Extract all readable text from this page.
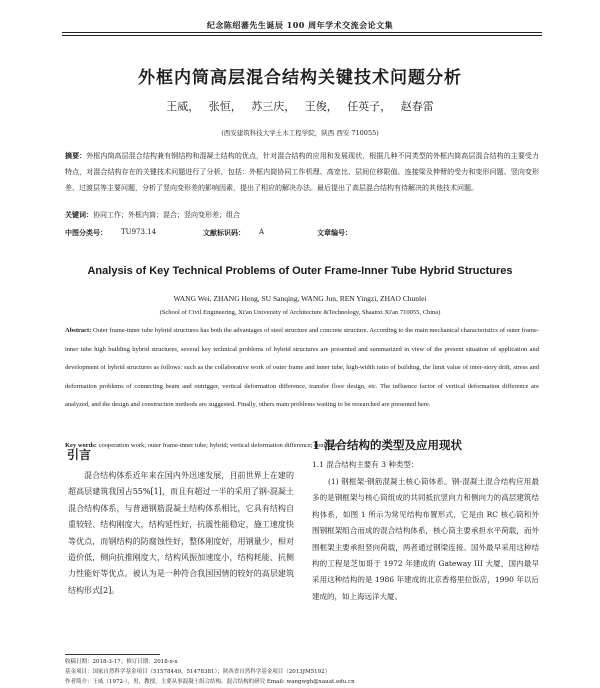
纪念陈绍蕃先生诞辰 100 周年学术交流会论文集
外框内筒高层混合结构关键技术问题分析
王威， 张恒， 苏三庆， 王俊， 任英子， 赵春雷
(西安建筑科技大学土木工程学院，陕西 西安 710055)
摘要：外框内筒高层混合结构兼有钢结构和混凝土结构的优点，针对混合结构的应用和发展现状，根据几种不同类型的外框内筒高层混合结构的主要受力特点，对混合结构存在的关键技术问题进行了分析，包括：外框内筒协同工作机理、高宽比、层间位移限值、连接梁及伸臂的受力和变形问题、竖向变形差、过渡层等主要问题，分析了竖向变形差的影响因素，提出了相应的解决办法。最后提出了高层混合结构有待解决的其他技术问题。
关键词：协同工作；外框内筒；混合；竖向变形差；组合
中图分类号： TU973.14	文献标识码： A	文章编号：
Analysis of Key Technical Problems of Outer Frame-Inner Tube Hybrid Structures
WANG Wei, ZHANG Heng, SU Sanqing, WANG Jun, REN Yingzi, ZHAO Chunlei
(School of Civil Engineering, Xi'an University of Architecture &Technology, Shaanxi Xi'an 710055, China)
Abstract: Outer frame-inner tube hybrid structures has both the advantages of steel structure and concrete structure. According to the main mechanical characteristics of outer frame-inner tube high building hybrid structures, several key technical problems of hybrid structures are presented and summarized in view of the present situation of application and development of hybrid structures as follows: such as the collaborative work of outer frame and inner tube, high-width ratio of building, the limit value of inter-story drift, stress and deformation problems of connecting beam and outrigger, vertical deformation difference, transfer floor design, etc. The influence factor of vertical deformation difference are analyzed, and the design and construction methods are suggested. Finally, others main problems waiting to be researched are presented here.
Key words: cooperation work; outer frame-inner tube; hybrid; vertical deformation difference; composite
引言
混合结构体系近年来在国内外迅速发展，目前世界上在建的超高层建筑我国占55%[1]，而且有超过一半的采用了钢-混凝土混合结构体系，与普通钢筋混凝土结构体系相比，它具有结构自重较轻、结构刚度大，结构延性好，抗震性能稳定，施工速度快等优点，而钢结构的防腐蚀性好，整体刚度好，用钢量少，相对造价低，侧向抗推刚度大，结构风振加速度小，结构耗能、抗侧力性能好等优点。被认为是一种符合我国国情的较好的高层建筑结构形式[2]。
1 混合结构的类型及应用现状
1.1 混合结构主要有 3 种类型：
(1) 钢框架-钢筋混凝土核心筒体系。钢-混凝土混合结构应用最多的是钢框架与核心筒组成的共同抵抗竖向力和侧向力的高层建筑结构体系，如图 1 所示为常见结构布置形式，它是由 RC 核心筒和外围钢框架组合而成的混合结构体系，核心筒主要承担水平荷载，而外围框架主要承担竖向荷载，两者通过钢梁连接。国外最早采用这种结构的工程是芝加哥于 1972 年建成的 Gateway III 大厦，国内最早采用这种结构的是 1986 年建成的北京香格里拉饭店，1990 年以后建成的，如上海远洋大厦、
收稿日期：2018-3-17；修订日期：2018-x-x
基金项目：国家自然科学基金项目（51578449，51478381）；陕西省自然科学基金项目（2013JM5192）
作者简介：王威（1972-），男，教授，主要从事混凝土组合结构、混合结构的研究 Email: wangwgh@xauat.edu.cn
